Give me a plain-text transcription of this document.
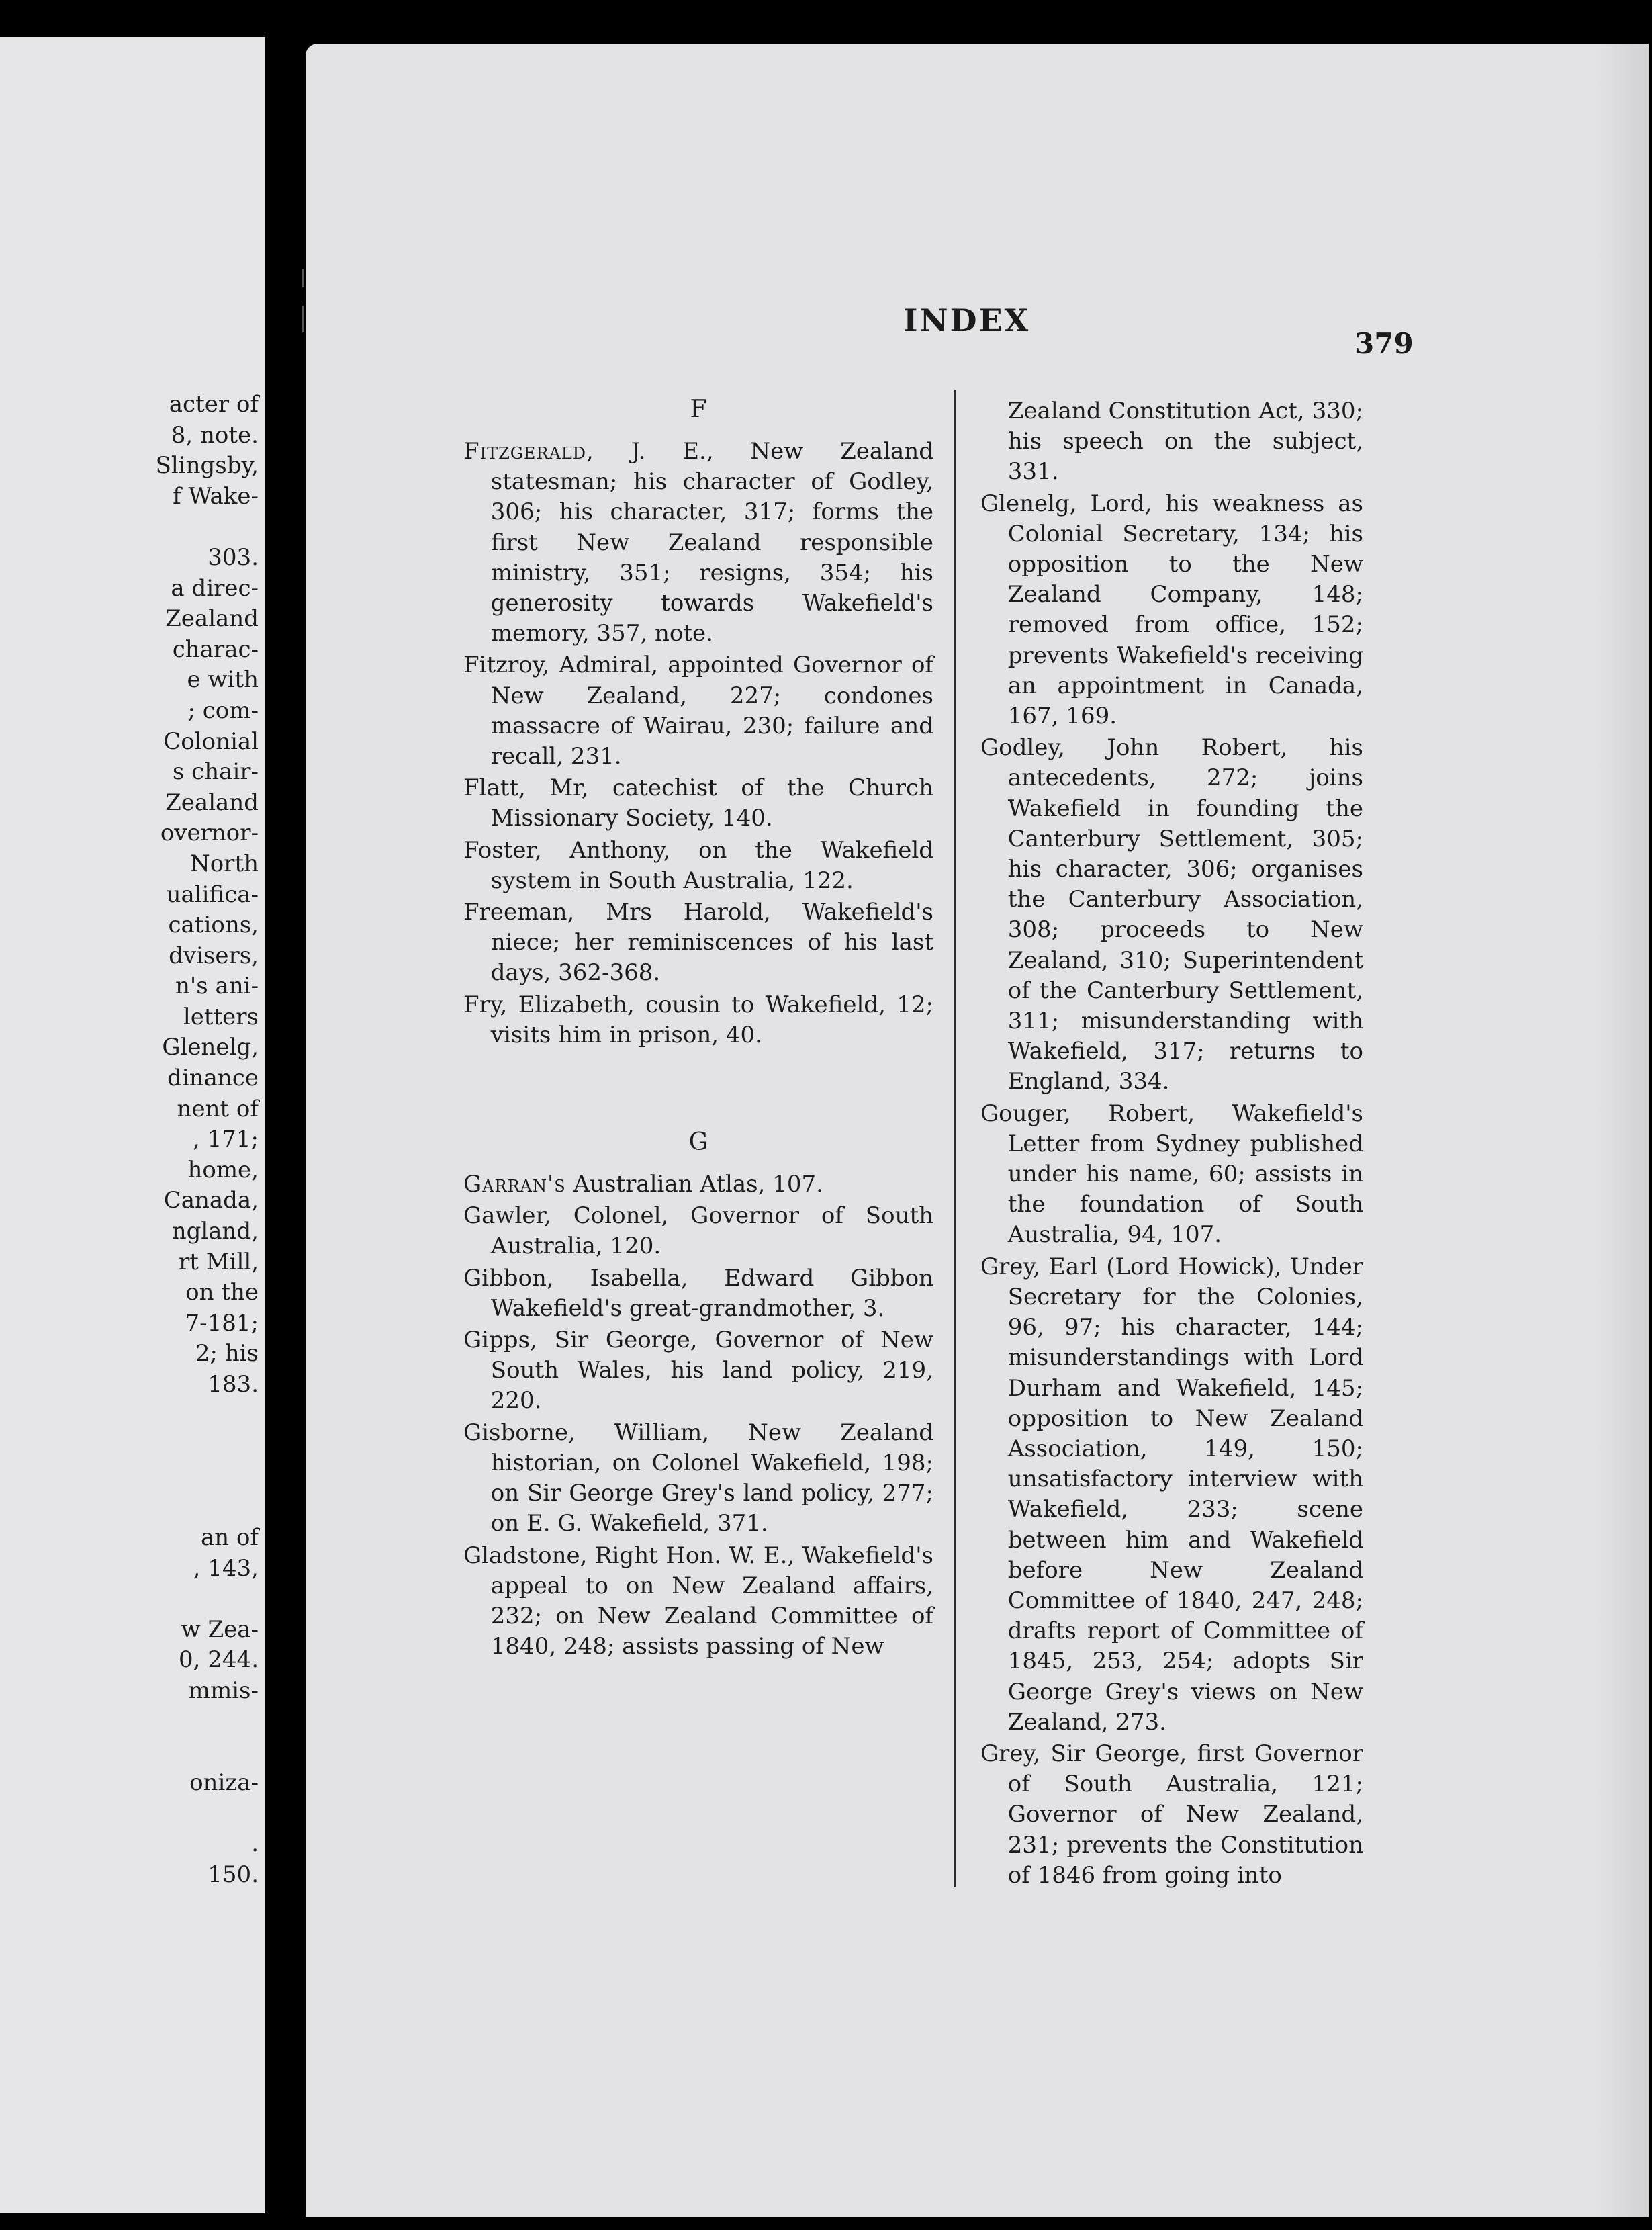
acter of
8, note.
Slingsby,
f Wake-
303.
a direc-
Zealand
charac-
e with
; com-
Colonial
s chair-
Zealand
overnor-
North
ualifica-
cations,
dvisers,
n's ani-
letters
Glenelg,
dinance
nent of
, 171;
home,
Canada,
ngland,
rt Mill,
on the
7-181;
2; his
183.
an of
, 143,
w Zea-
0, 244.
mmis-
oniza-
.
150.
INDEX
379
F
Fitzgerald, J. E., New Zealand statesman; his character of Godley, 306; his character, 317; forms the first New Zealand responsible ministry, 351; resigns, 354; his generosity towards Wakefield's memory, 357, note.
Fitzroy, Admiral, appointed Governor of New Zealand, 227; condones massacre of Wairau, 230; failure and recall, 231.
Flatt, Mr, catechist of the Church Missionary Society, 140.
Foster, Anthony, on the Wakefield system in South Australia, 122.
Freeman, Mrs Harold, Wakefield's niece; her reminiscences of his last days, 362-368.
Fry, Elizabeth, cousin to Wakefield, 12; visits him in prison, 40.
G
Garran's Australian Atlas, 107.
Gawler, Colonel, Governor of South Australia, 120.
Gibbon, Isabella, Edward Gibbon Wakefield's great-grandmother, 3.
Gipps, Sir George, Governor of New South Wales, his land policy, 219, 220.
Gisborne, William, New Zealand historian, on Colonel Wakefield, 198; on Sir George Grey's land policy, 277; on E. G. Wakefield, 371.
Gladstone, Right Hon. W. E., Wakefield's appeal to on New Zealand affairs, 232; on New Zealand Committee of 1840, 248; assists passing of New
Zealand Constitution Act, 330; his speech on the subject, 331.
Glenelg, Lord, his weakness as Colonial Secretary, 134; his opposition to the New Zealand Company, 148; removed from office, 152; prevents Wakefield's receiving an appointment in Canada, 167, 169.
Godley, John Robert, his antecedents, 272; joins Wakefield in founding the Canterbury Settlement, 305; his character, 306; organises the Canterbury Association, 308; proceeds to New Zealand, 310; Superintendent of the Canterbury Settlement, 311; misunderstanding with Wakefield, 317; returns to England, 334.
Gouger, Robert, Wakefield's Letter from Sydney published under his name, 60; assists in the foundation of South Australia, 94, 107.
Grey, Earl (Lord Howick), Under Secretary for the Colonies, 96, 97; his character, 144; misunderstandings with Lord Durham and Wakefield, 145; opposition to New Zealand Association, 149, 150; unsatisfactory interview with Wakefield, 233; scene between him and Wakefield before New Zealand Committee of 1840, 247, 248; drafts report of Committee of 1845, 253, 254; adopts Sir George Grey's views on New Zealand, 273.
Grey, Sir George, first Governor of South Australia, 121; Governor of New Zealand, 231; prevents the Constitution of 1846 from going into
